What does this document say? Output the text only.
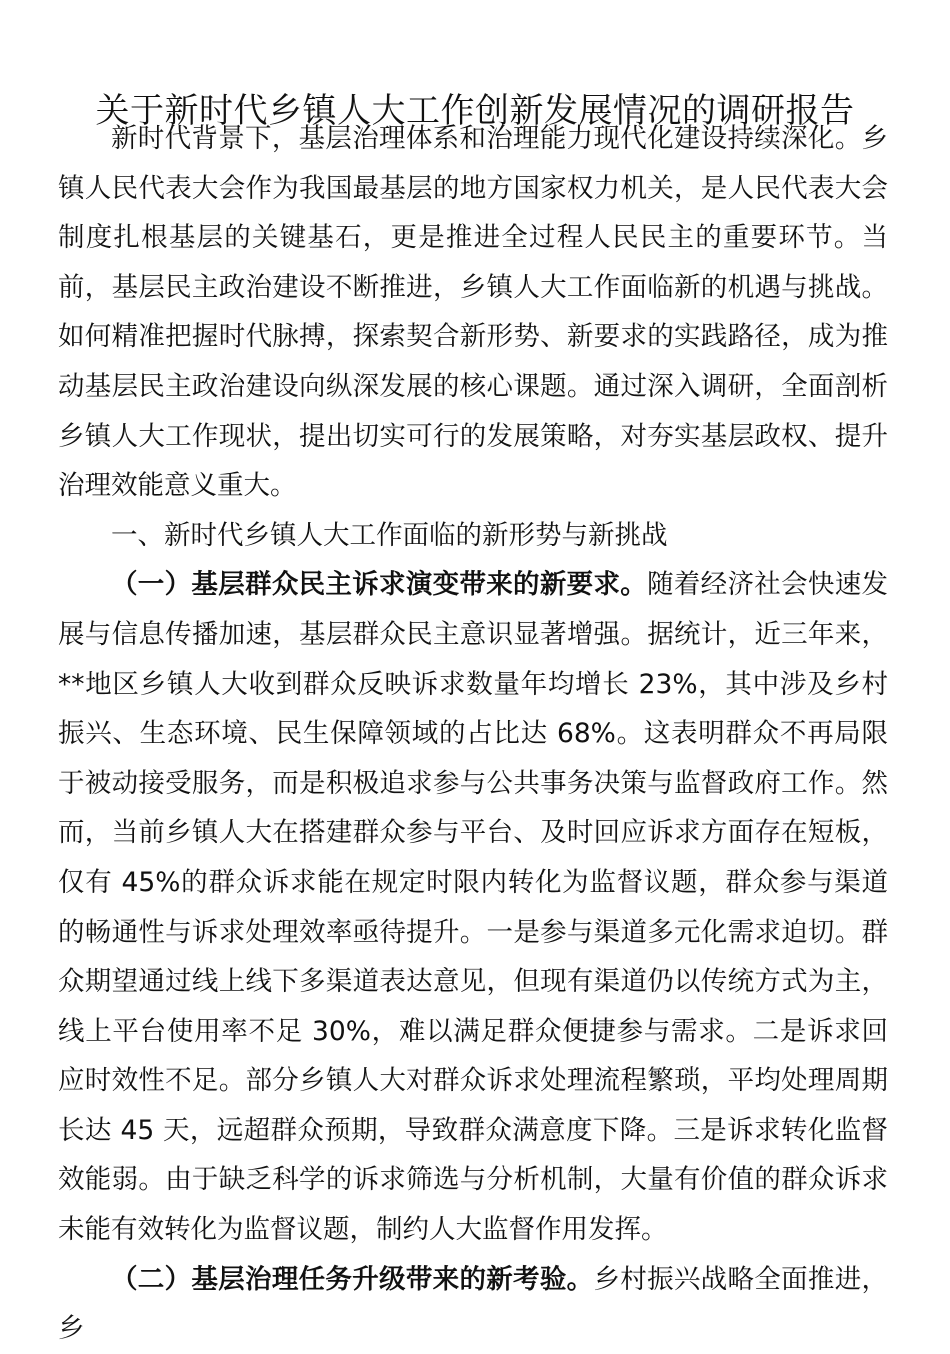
关于新时代乡镇人大工作创新发展情况的调研报告

新时代背景下，基层治理体系和治理能力现代化建设持续深化。乡镇人民代表大会作为我国最基层的地方国家权力机关，是人民代表大会制度扎根基层的关键基石，更是推进全过程人民民主的重要环节。当前，基层民主政治建设不断推进，乡镇人大工作面临新的机遇与挑战。如何精准把握时代脉搏，探索契合新形势、新要求的实践路径，成为推动基层民主政治建设向纵深发展的核心课题。通过深入调研，全面剖析乡镇人大工作现状，提出切实可行的发展策略，对夯实基层政权、提升治理效能意义重大。

一、新时代乡镇人大工作面临的新形势与新挑战

（一）基层群众民主诉求演变带来的新要求。随着经济社会快速发展与信息传播加速，基层群众民主意识显著增强。据统计，近三年来，**地区乡镇人大收到群众反映诉求数量年均增长 23%，其中涉及乡村振兴、生态环境、民生保障领域的占比达 68%。这表明群众不再局限于被动接受服务，而是积极追求参与公共事务决策与监督政府工作。然而，当前乡镇人大在搭建群众参与平台、及时回应诉求方面存在短板，仅有 45%的群众诉求能在规定时限内转化为监督议题，群众参与渠道的畅通性与诉求处理效率亟待提升。一是参与渠道多元化需求迫切。群众期望通过线上线下多渠道表达意见，但现有渠道仍以传统方式为主，线上平台使用率不足 30%，难以满足群众便捷参与需求。二是诉求回应时效性不足。部分乡镇人大对群众诉求处理流程繁琐，平均处理周期长达 45 天，远超群众预期，导致群众满意度下降。三是诉求转化监督效能弱。由于缺乏科学的诉求筛选与分析机制，大量有价值的群众诉求未能有效转化为监督议题，制约人大监督作用发挥。

（二）基层治理任务升级带来的新考验。乡村振兴战略全面推进，乡
